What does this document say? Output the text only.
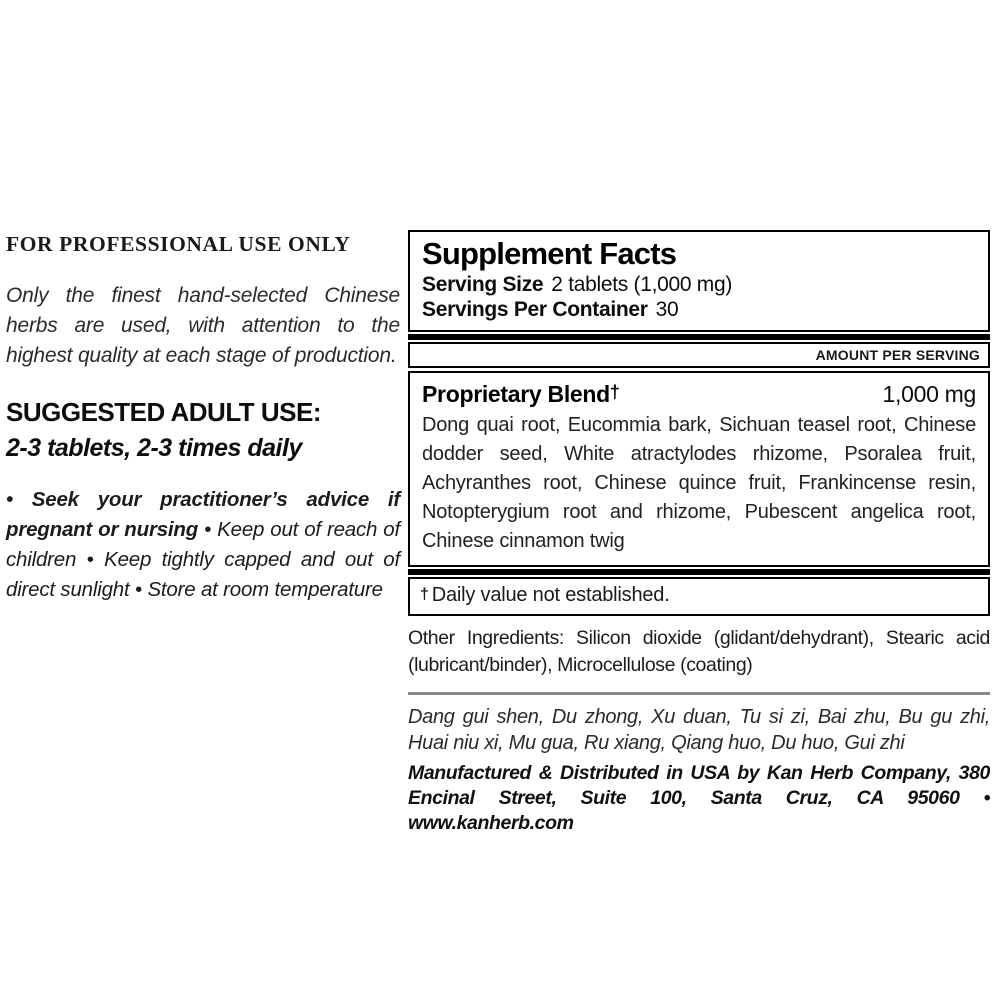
FOR PROFESSIONAL USE ONLY
Only the finest hand-selected Chinese herbs are used, with attention to the highest quality at each stage of production.
SUGGESTED ADULT USE:
2-3 tablets, 2-3 times daily
• Seek your practitioner’s advice if pregnant or nursing • Keep out of reach of children • Keep tightly capped and out of direct sunlight • Store at room temperature
Supplement Facts
Serving Size 2 tablets (1,000 mg)
Servings Per Container 30
AMOUNT PER SERVING
Proprietary Blend†	1,000 mg
Dong quai root, Eucommia bark, Sichuan teasel root, Chinese dodder seed, White atractylodes rhizome, Psoralea fruit, Achyranthes root, Chinese quince fruit, Frankincense resin, Notopterygium root and rhizome, Pubescent angelica root, Chinese cinnamon twig
† Daily value not established.
Other Ingredients: Silicon dioxide (glidant/dehydrant), Stearic acid (lubricant/binder), Microcellulose (coating)
Dang gui shen, Du zhong, Xu duan, Tu si zi, Bai zhu, Bu gu zhi, Huai niu xi, Mu gua, Ru xiang, Qiang huo, Du huo, Gui zhi
Manufactured & Distributed in USA by Kan Herb Company, 380 Encinal Street, Suite 100, Santa Cruz, CA 95060 • www.kanherb.com
